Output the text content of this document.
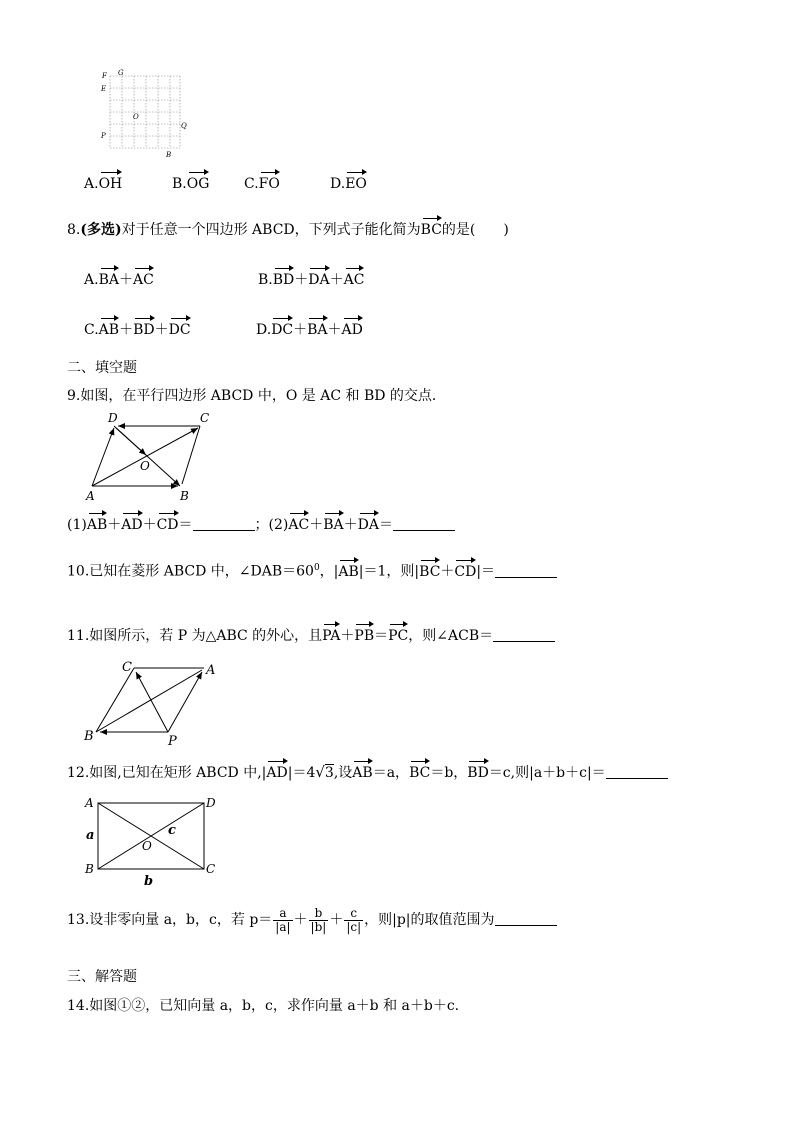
F G
E
O
P
Q
B
A.OH	B.OG C.FO	D.EO
8.(多选)对于任意一个四边形 ABCD，下列式子能化简为BC的是(　　)
A.BA＋AC	B.BD＋DA＋AC
C.AB＋BD＋DC	D.DC＋BA＋AD
二、填空题
9.如图，在平行四边形 ABCD 中，O 是 AC 和 BD 的交点．
D	C
O
A	B
(1)AB＋AD＋CD＝	；(2)AC＋BA＋DA＝
10.已知在菱形 ABCD 中，$\angle DAB=60^0$，|AB|＝1，则|BC＋CD|＝
11.如图所示，若 P 为△ABC 的外心，且PA＋PB＝PC，则∠ACB＝
C	A
B	P
12.如图,已知在矩形 ABCD 中,|AD|＝4√3,设AB＝a，BC＝b，BD＝c,则|a＋b＋c|＝
A	D
B	C
O
a	c
b
13.设非零向量 a，b，c，若 $p= \frac{a}{|a|} + \frac{b}{|b|} + \frac{c}{|c|}$ ，则|p|的取值范围为
三、解答题
14.如图①②，已知向量 a，b，c，求作向量 a＋b 和 a＋b＋c.
